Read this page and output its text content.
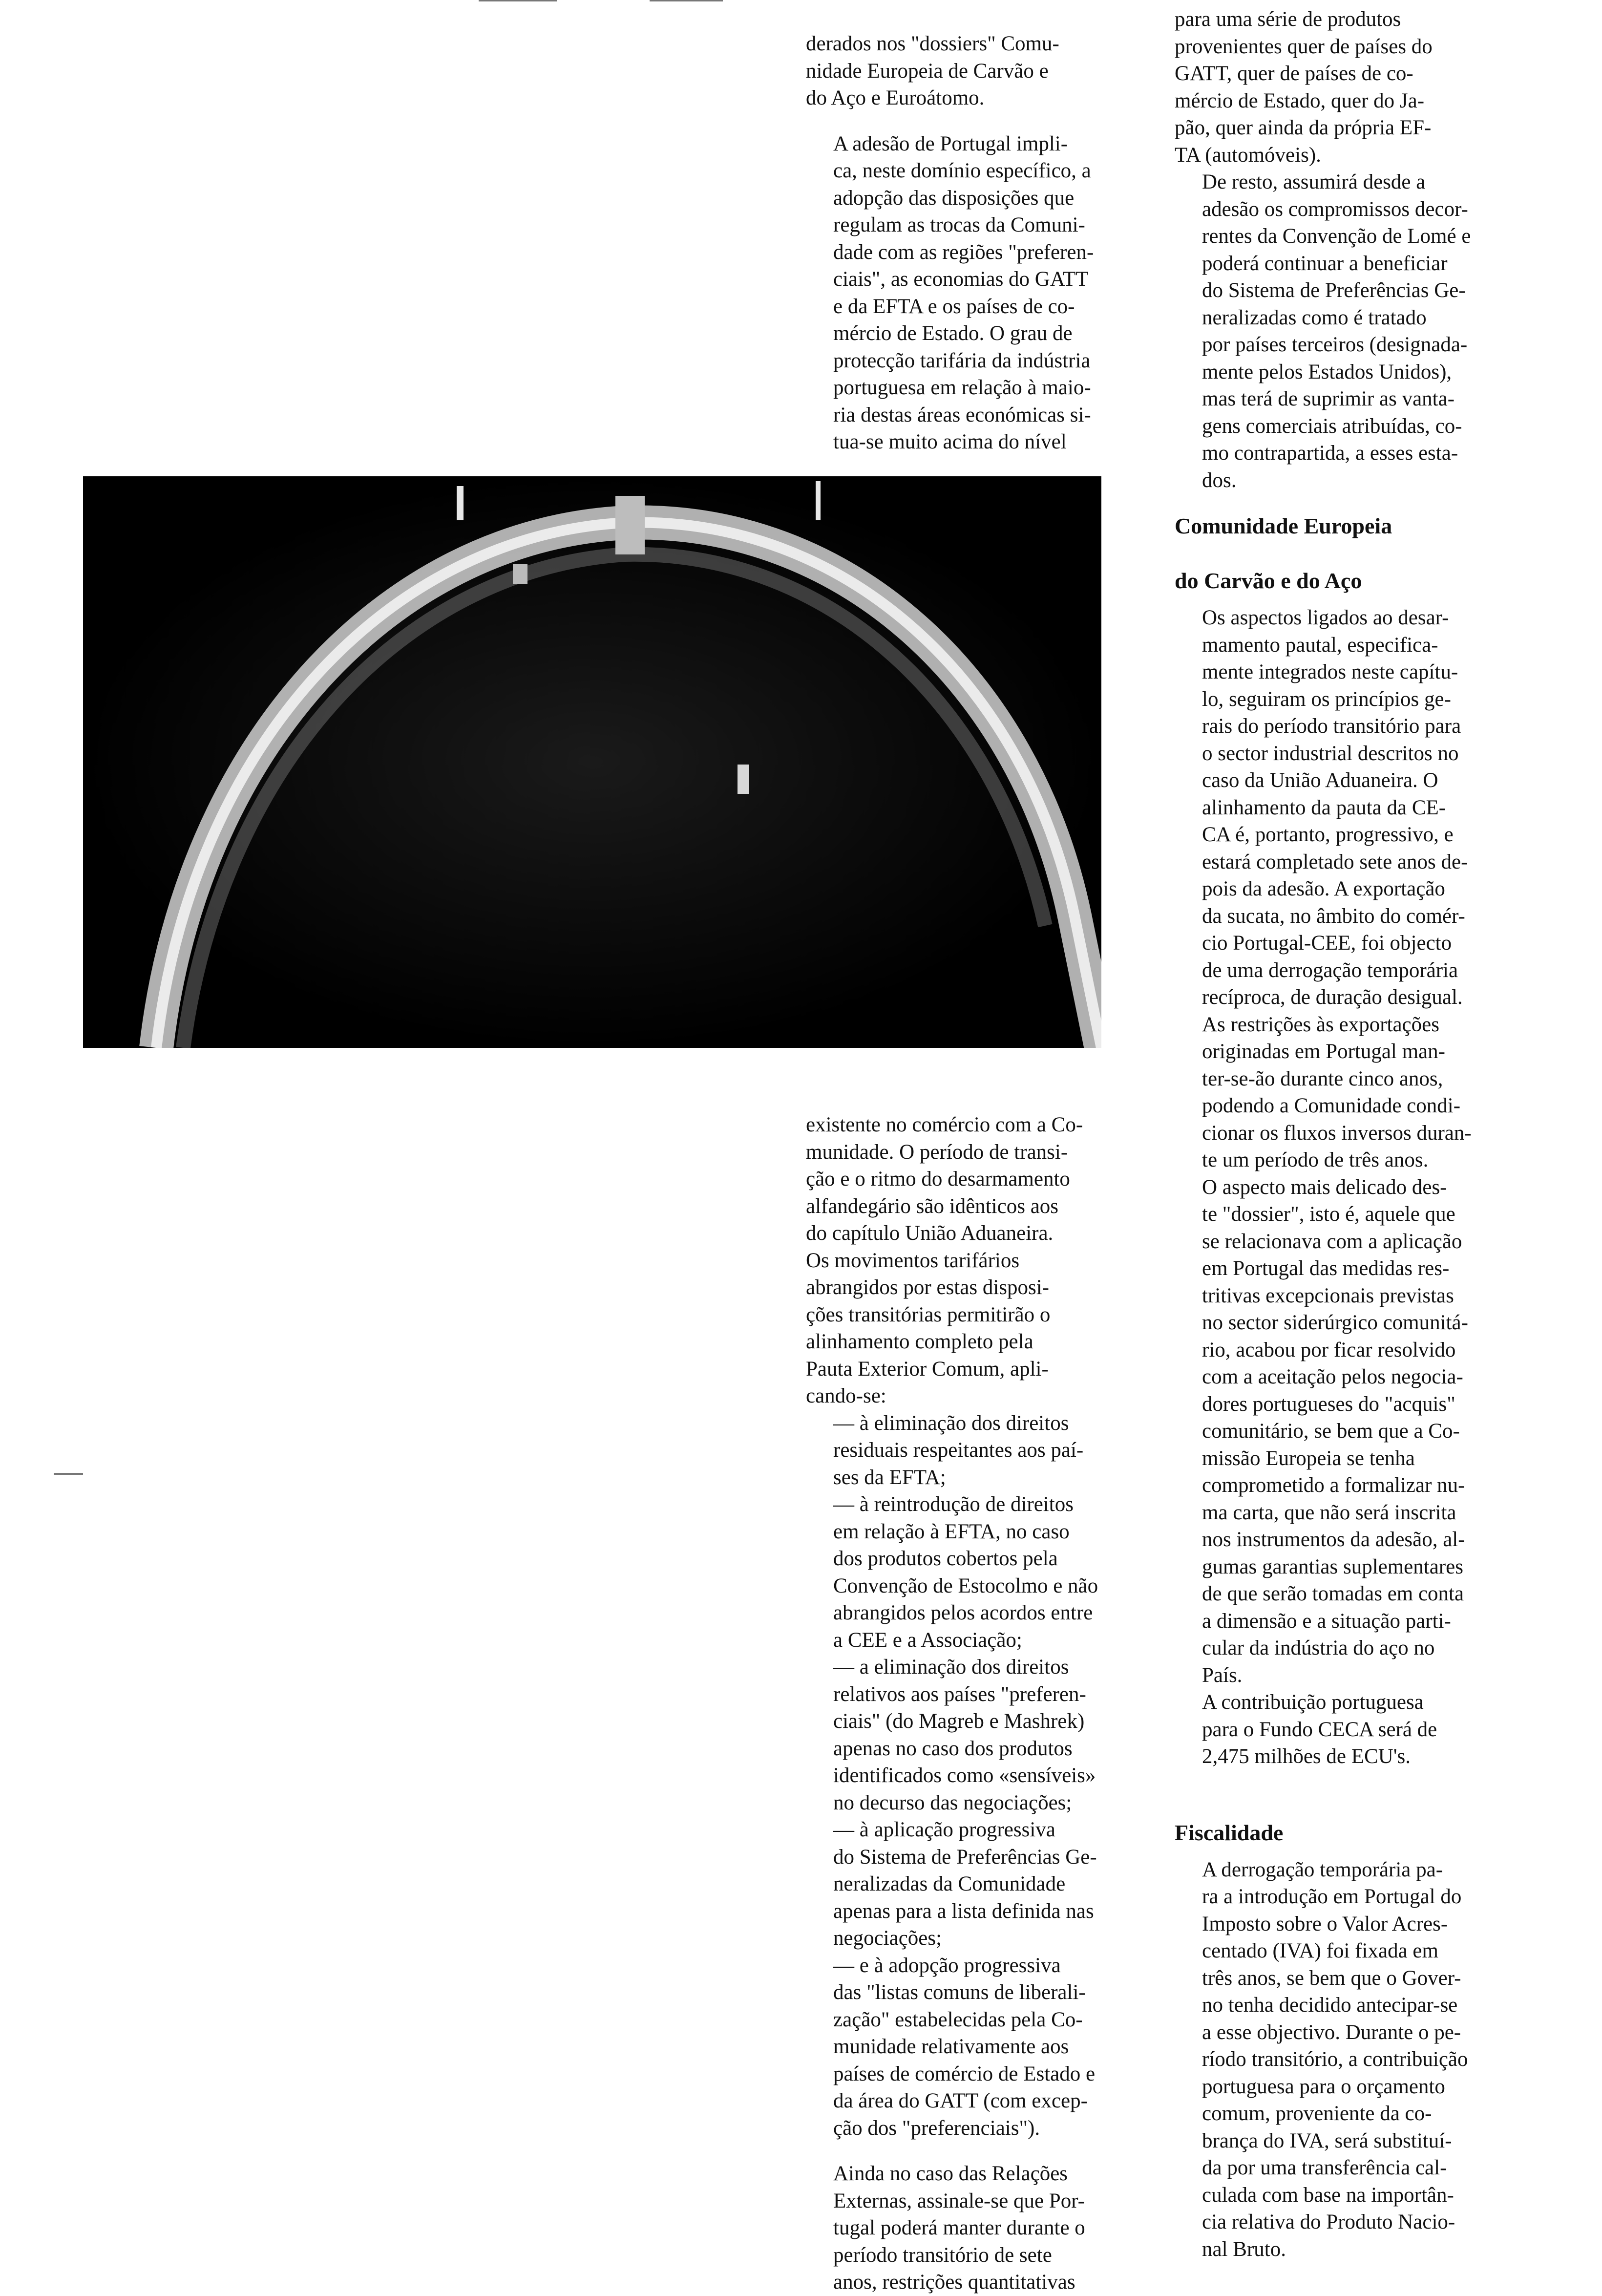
derados nos "dossiers" Comu-
nidade Europeia de Carvão e
do Aço e Euroátomo.

A adesão de Portugal impli-
ca, neste domínio específico, a
adopção das disposições que
regulam as trocas da Comuni-
dade com as regiões "preferen-
ciais", as economias do GATT
e da EFTA e os países de co-
mércio de Estado. O grau de
protecção tarifária da indústria
portuguesa em relação à maio-
ria destas áreas económicas si-
tua-se muito acima do nível

existente no comércio com a Co-
munidade. O período de transi-
ção e o ritmo do desarmamento
alfandegário são idênticos aos
do capítulo União Aduaneira.
Os movimentos tarifários
abrangidos por estas disposi-
ções transitórias permitirão o
alinhamento completo pela
Pauta Exterior Comum, apli-
cando-se:

— à eliminação dos direitos
residuais respeitantes aos paí-
ses da EFTA;

— à reintrodução de direitos
em relação à EFTA, no caso
dos produtos cobertos pela
Convenção de Estocolmo e não
abrangidos pelos acordos entre
a CEE e a Associação;

— a eliminação dos direitos
relativos aos países "preferen-
ciais" (do Magreb e Mashrek)
apenas no caso dos produtos
identificados como «sensíveis»
no decurso das negociações;

— à aplicação progressiva
do Sistema de Preferências Ge-
neralizadas da Comunidade
apenas para a lista definida nas
negociações;

— e à adopção progressiva
das "listas comuns de liberali-
zação" estabelecidas pela Co-
munidade relativamente aos
países de comércio de Estado e
da área do GATT (com excep-
ção dos "preferenciais").

Ainda no caso das Relações
Externas, assinale-se que Por-
tugal poderá manter durante o
período transitório de sete
anos, restrições quantitativas

para uma série de produtos
provenientes quer de países do
GATT, quer de países de co-
mércio de Estado, quer do Ja-
pão, quer ainda da própria EF-
TA (automóveis).

De resto, assumirá desde a
adesão os compromissos decor-
rentes da Convenção de Lomé e
poderá continuar a beneficiar
do Sistema de Preferências Ge-
neralizadas como é tratado
por países terceiros (designada-
mente pelos Estados Unidos),
mas terá de suprimir as vanta-
gens comerciais atribuídas, co-
mo contrapartida, a esses esta-
dos.

Comunidade Europeia

do Carvão e do Aço

Os aspectos ligados ao desar-
mamento pautal, especifica-
mente integrados neste capítu-
lo, seguiram os princípios ge-
rais do período transitório para
o sector industrial descritos no
caso da União Aduaneira. O
alinhamento da pauta da CE-
CA é, portanto, progressivo, e
estará completado sete anos de-
pois da adesão. A exportação
da sucata, no âmbito do comér-
cio Portugal-CEE, foi objecto
de uma derrogação temporária
recíproca, de duração desigual.
As restrições às exportações
originadas em Portugal man-
ter-se-ão durante cinco anos,
podendo a Comunidade condi-
cionar os fluxos inversos duran-
te um período de três anos.

O aspecto mais delicado des-
te "dossier", isto é, aquele que
se relacionava com a aplicação
em Portugal das medidas res-
tritivas excepcionais previstas
no sector siderúrgico comunitá-
rio, acabou por ficar resolvido
com a aceitação pelos negocia-
dores portugueses do "acquis"
comunitário, se bem que a Co-
missão Europeia se tenha
comprometido a formalizar nu-
ma carta, que não será inscrita
nos instrumentos da adesão, al-
gumas garantias suplementares
de que serão tomadas em conta
a dimensão e a situação parti-
cular da indústria do aço no
País.

A contribuição portuguesa
para o Fundo CECA será de
2,475 milhões de ECU's.

Fiscalidade

A derrogação temporária pa-
ra a introdução em Portugal do
Imposto sobre o Valor Acres-
centado (IVA) foi fixada em
três anos, se bem que o Gover-
no tenha decidido antecipar-se
a esse objectivo. Durante o pe-
ríodo transitório, a contribuição
portuguesa para o orçamento
comum, proveniente da co-
brança do IVA, será substituí-
da por uma transferência cal-
culada com base na importân-
cia relativa do Produto Nacio-
nal Bruto.
